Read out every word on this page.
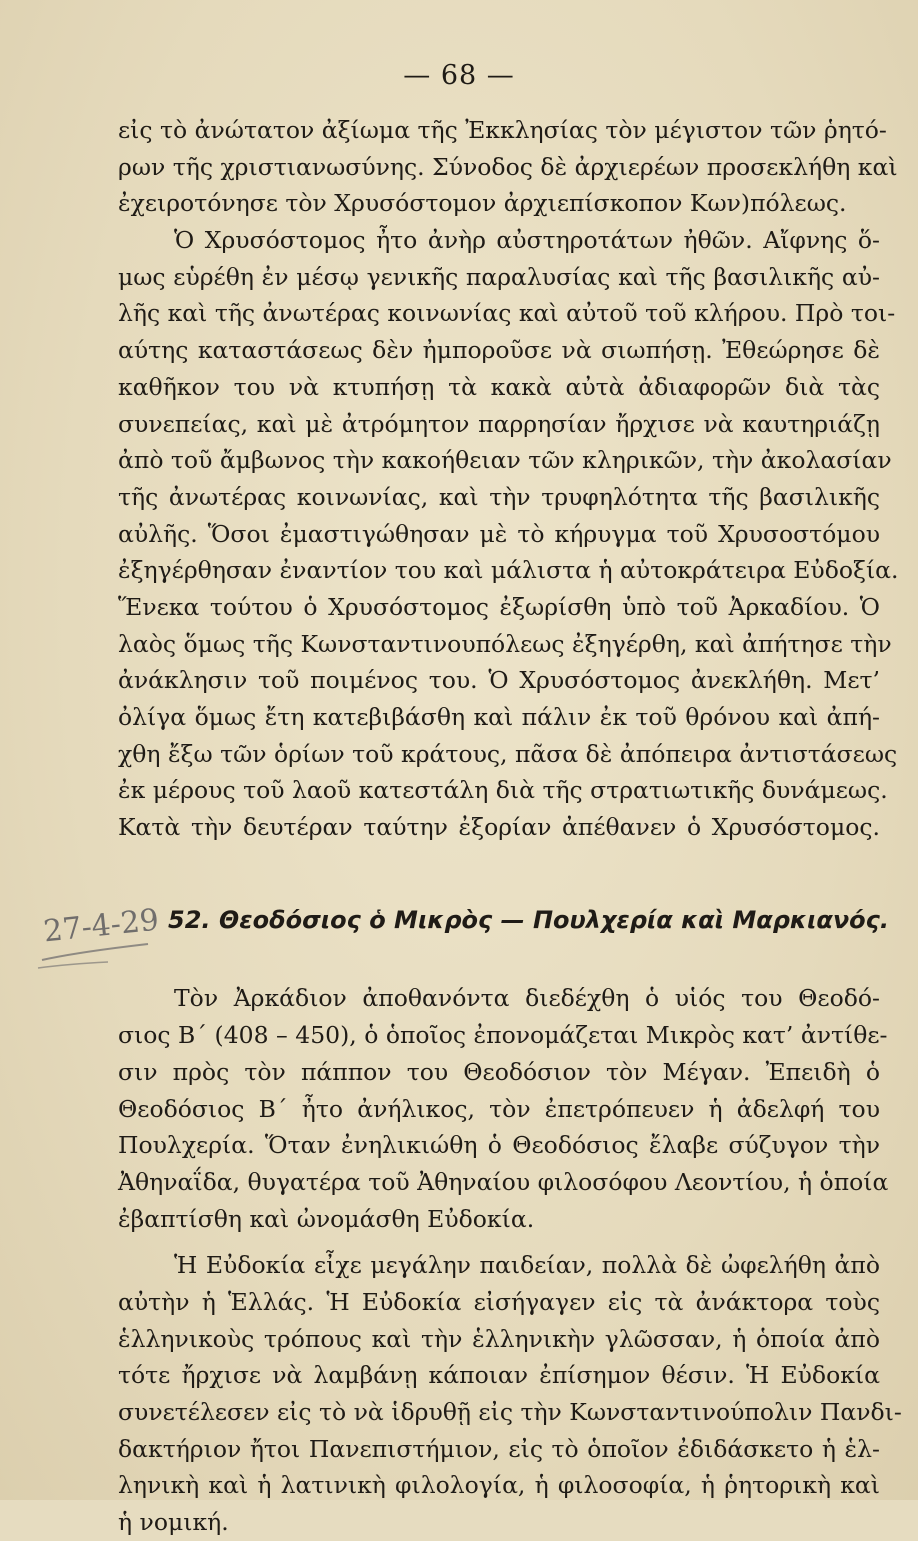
— 68 —
εἰς τὸ ἀνώτατον ἀξίωμα τῆς Ἐκκλησίας τὸν μέγιστον τῶν ῥητό-
ρων τῆς χριστιανωσύνης. Σύνοδος δὲ ἀρχιερέων προσεκλήθη καὶ
ἐχειροτόνησε τὸν Χρυσόστομον ἀρχιεπίσκοπον Κων)πόλεως.
Ὁ Χρυσόστομος ἦτο ἀνὴρ αὐστηροτάτων ἠθῶν. Αἴφνης ὅ-
μως εὑρέθη ἐν μέσῳ γενικῆς παραλυσίας καὶ τῆς βασιλικῆς αὐ-
λῆς καὶ τῆς ἀνωτέρας κοινωνίας καὶ αὐτοῦ τοῦ κλήρου. Πρὸ τοι-
αύτης καταστάσεως δὲν ἠμποροῦσε νὰ σιωπήσῃ. Ἐθεώρησε δὲ
καθῆκον του νὰ κτυπήσῃ τὰ κακὰ αὐτὰ ἀδιαφορῶν διὰ τὰς
συνεπείας, καὶ μὲ ἀτρόμητον παρρησίαν ἤρχισε νὰ καυτηριάζῃ
ἀπὸ τοῦ ἄμβωνος τὴν κακοήθειαν τῶν κληρικῶν, τὴν ἀκολασίαν
τῆς ἀνωτέρας κοινωνίας, καὶ τὴν τρυφηλότητα τῆς βασιλικῆς
αὐλῆς. Ὅσοι ἐμαστιγώθησαν μὲ τὸ κήρυγμα τοῦ Χρυσοστόμου
ἐξηγέρθησαν ἐναντίον του καὶ μάλιστα ἡ αὐτοκράτειρα Εὐδοξία.
Ἕνεκα τούτου ὁ Χρυσόστομος ἐξωρίσθη ὑπὸ τοῦ Ἀρκαδίου. Ὁ
λαὸς ὅμως τῆς Κωνσταντινουπόλεως ἐξηγέρθη, καὶ ἀπήτησε τὴν
ἀνάκλησιν τοῦ ποιμένος του. Ὁ Χρυσόστομος ἀνεκλήθη. Μετ’
ὀλίγα ὅμως ἔτη κατεβιβάσθη καὶ πάλιν ἐκ τοῦ θρόνου καὶ ἀπή-
χθη ἔξω τῶν ὁρίων τοῦ κράτους, πᾶσα δὲ ἀπόπειρα ἀντιστάσεως
ἐκ μέρους τοῦ λαοῦ κατεστάλη διὰ τῆς στρατιωτικῆς δυνάμεως.
Κατὰ τὴν δευτέραν ταύτην ἐξορίαν ἀπέθανεν ὁ Χρυσόστομος.
27-4-29 52. Θεοδόσιος ὁ Μικρὸς — Πουλχερία καὶ Μαρκιανός.
Τὸν Ἀρκάδιον ἀποθανόντα διεδέχθη ὁ υἱός του Θεοδό-
σιος Β΄ (408 – 450), ὁ ὁποῖος ἐπονομάζεται Μικρὸς κατ’ ἀντίθε-
σιν πρὸς τὸν πάππον του Θεοδόσιον τὸν Μέγαν. Ἐπειδὴ ὁ
Θεοδόσιος Β΄ ἦτο ἀνήλικος, τὸν ἐπετρόπευεν ἡ ἀδελφή του
Πουλχερία. Ὅταν ἐνηλικιώθη ὁ Θεοδόσιος ἔλαβε σύζυγον τὴν
Ἀθηναΐδα, θυγατέρα τοῦ Ἀθηναίου φιλοσόφου Λεοντίου, ἡ ὁποία
ἐβαπτίσθη καὶ ὠνομάσθη Εὐδοκία.
Ἡ Εὐδοκία εἶχε μεγάλην παιδείαν, πολλὰ δὲ ὠφελήθη ἀπὸ
αὐτὴν ἡ Ἑλλάς. Ἡ Εὐδοκία εἰσήγαγεν εἰς τὰ ἀνάκτορα τοὺς
ἑλληνικοὺς τρόπους καὶ τὴν ἑλληνικὴν γλῶσσαν, ἡ ὁποία ἀπὸ
τότε ἤρχισε νὰ λαμβάνῃ κάποιαν ἐπίσημον θέσιν. Ἡ Εὐδοκία
συνετέλεσεν εἰς τὸ νὰ ἱδρυθῇ εἰς τὴν Κωνσταντινούπολιν Πανδι-
δακτήριον ἤτοι Πανεπιστήμιον, εἰς τὸ ὁποῖον ἐδιδάσκετο ἡ ἑλ-
ληνικὴ καὶ ἡ λατινικὴ φιλολογία, ἡ φιλοσοφία, ἡ ῥητορικὴ καὶ
ἡ νομική.
